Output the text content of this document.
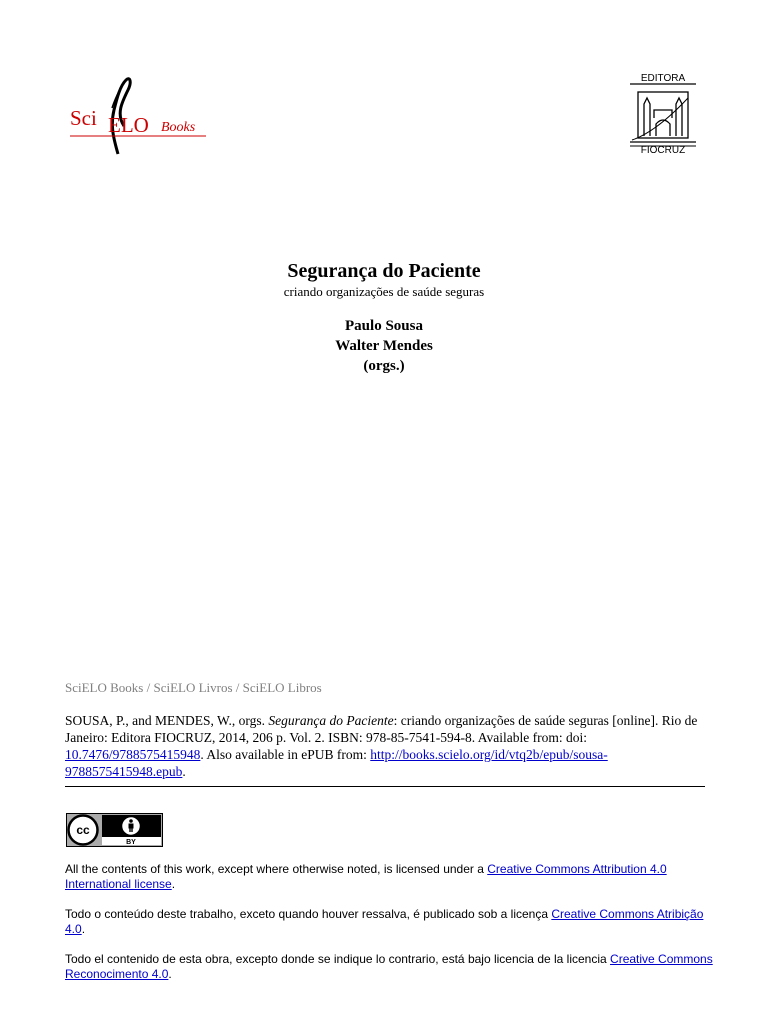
Sci ELO Books
EDITORA
FIOCRUZ
Segurança do Paciente

criando organizações de saúde seguras

Paulo Sousa
Walter Mendes
(orgs.)
SciELO Books / SciELO Livros / SciELO Libros
SOUSA, P., and MENDES, W., orgs. Segurança do Paciente: criando organizações de saúde seguras [online]. Rio de Janeiro: Editora FIOCRUZ, 2014, 206 p. Vol. 2. ISBN: 978-85-7541-594-8. Available from: doi: 10.7476/9788575415948. Also available in ePUB from: http://books.scielo.org/id/vtq2b/epub/sousa-9788575415948.epub.
BY
cc
All the contents of this work, except where otherwise noted, is licensed under a Creative Commons Attribution 4.0 International license.
Todo o conteúdo deste trabalho, exceto quando houver ressalva, é publicado sob a licença Creative Commons Atribição 4.0.
Todo el contenido de esta obra, excepto donde se indique lo contrario, está bajo licencia de la licencia Creative Commons Reconocimento 4.0.
